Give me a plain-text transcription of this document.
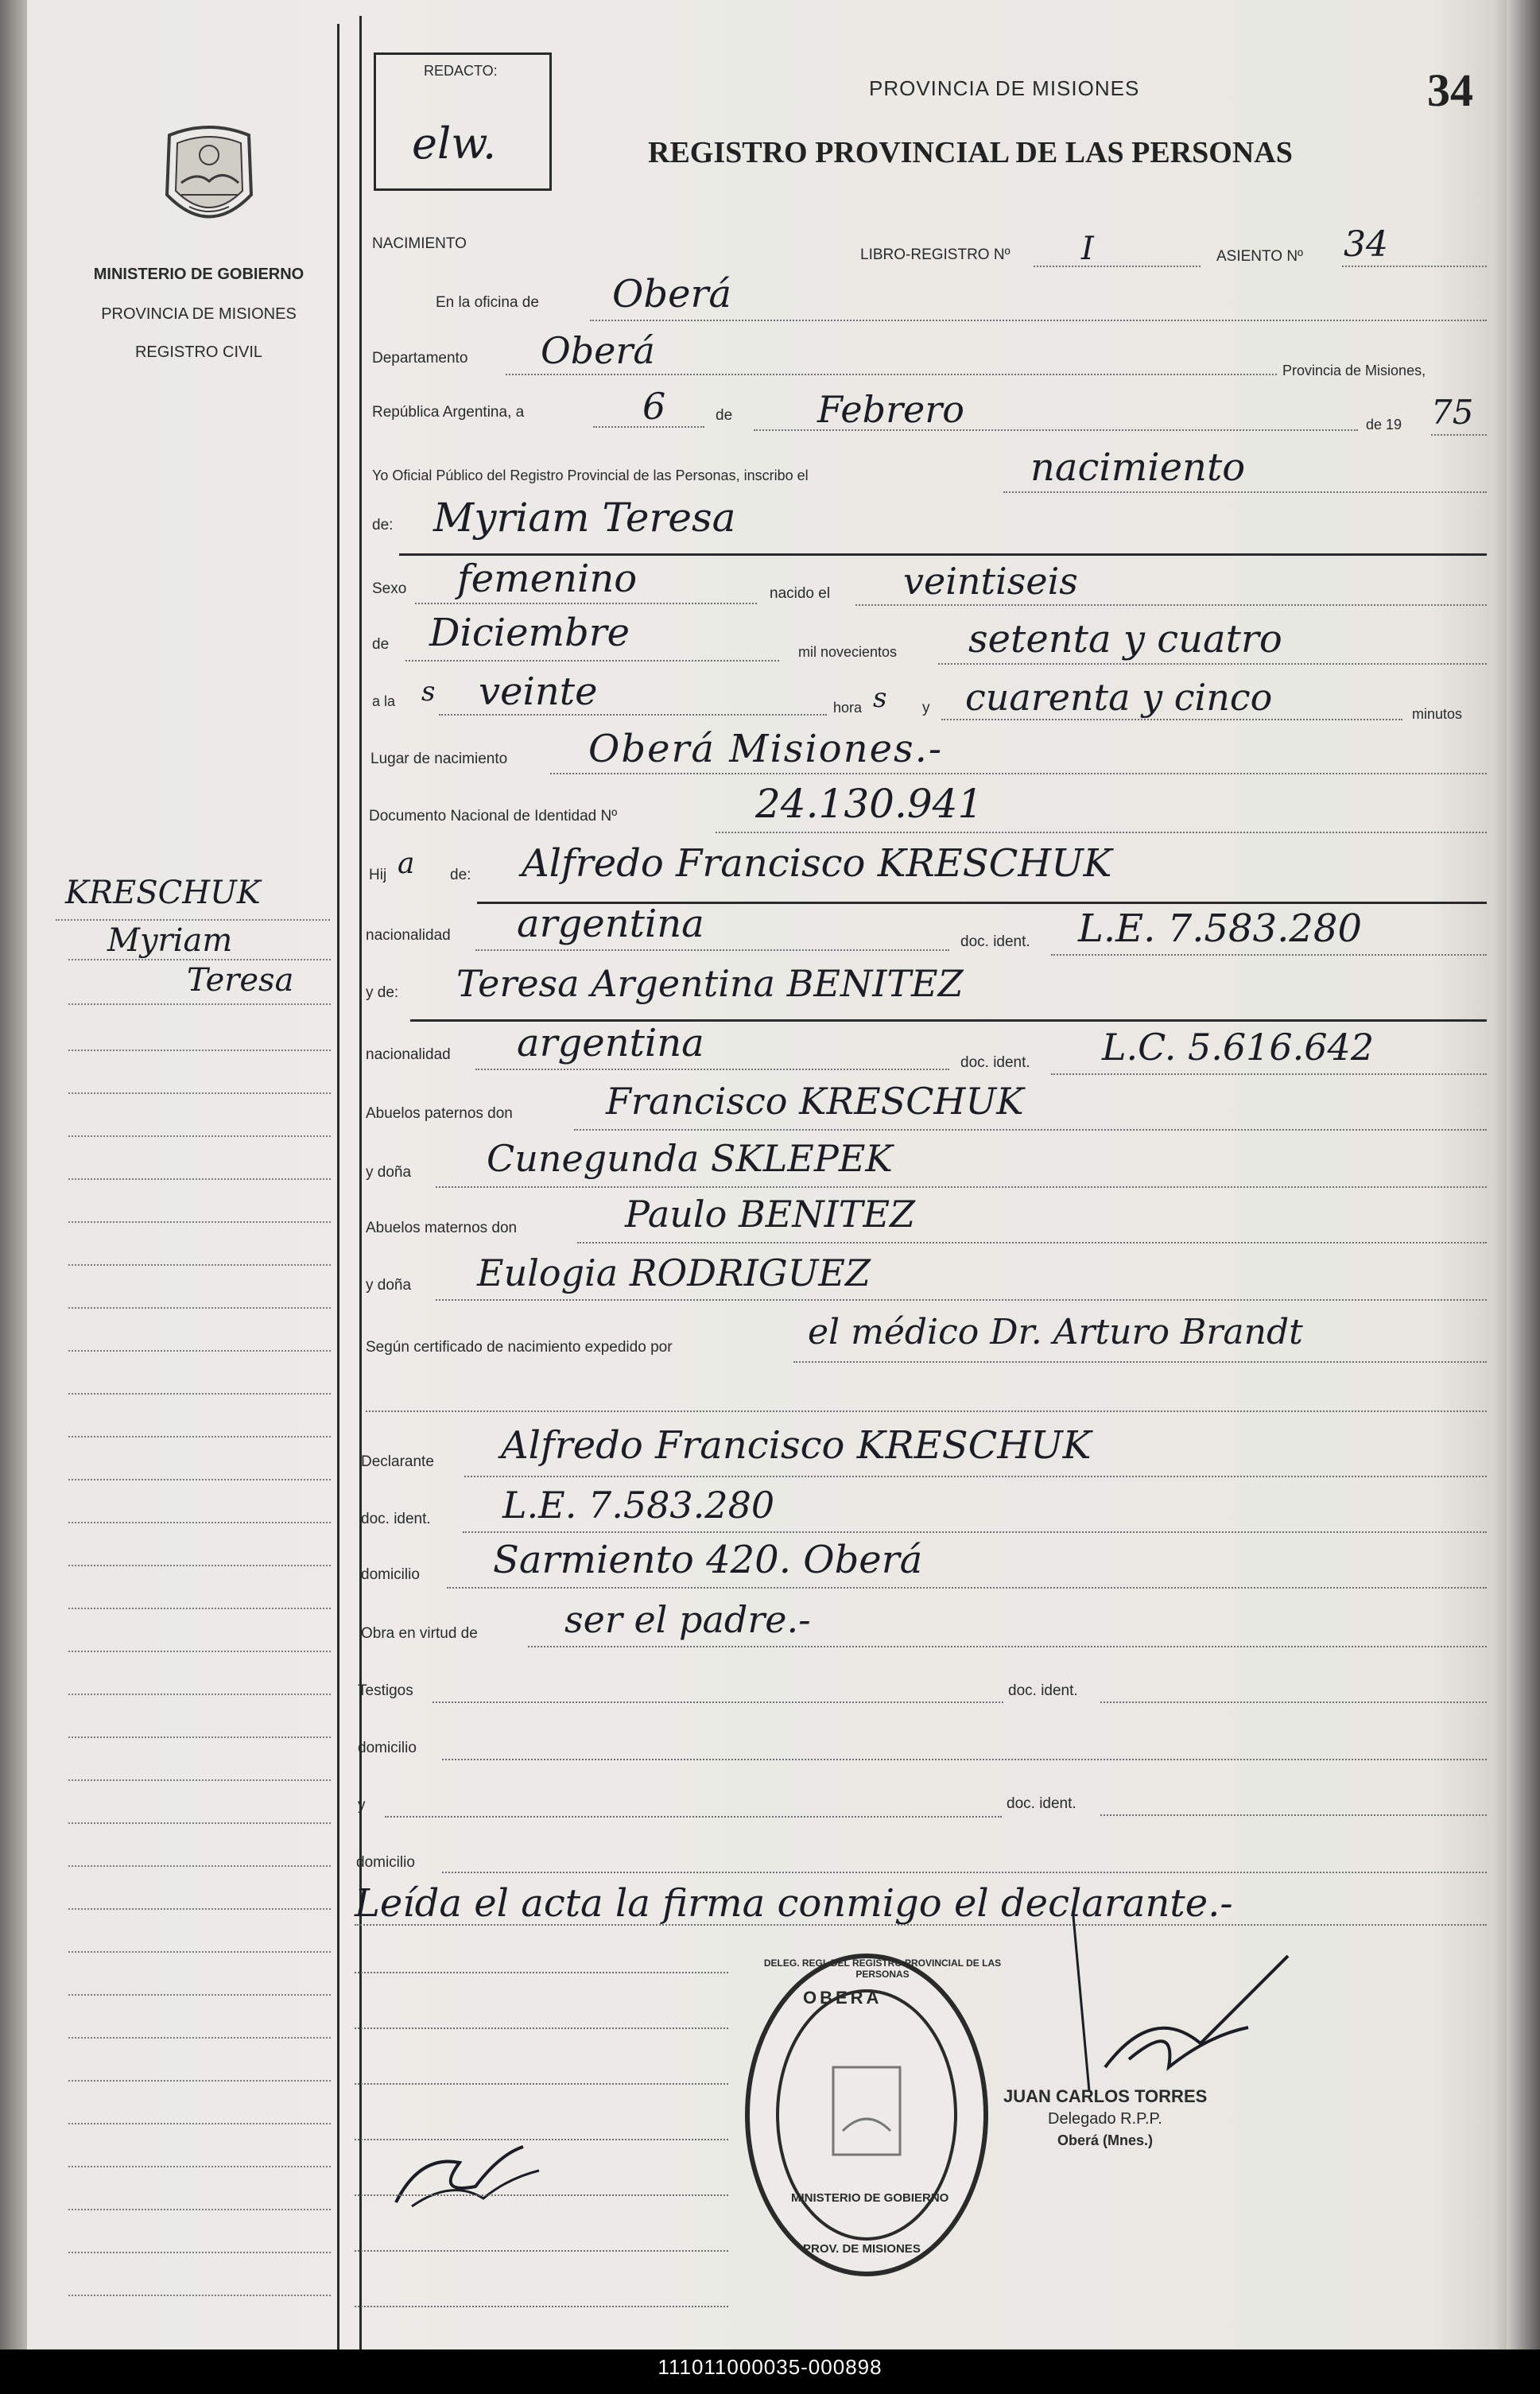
MINISTERIO DE GOBIERNO
PROVINCIA DE MISIONES
REGISTRO CIVIL
KRESCHUK
Myriam
Teresa
REDACTO:
elw.
PROVINCIA DE MISIONES
REGISTRO PROVINCIAL DE LAS PERSONAS
34
NACIMIENTO
LIBRO-REGISTRO Nº I	ASIENTO Nº 34
En la oficina de Oberá
Departamento Oberá	Provincia de Misiones,
República Argentina, a	6	de Febrero	de 19 75
Yo Oficial Público del Registro Provincial de las Personas, inscribo el	nacimiento
de: Myriam Teresa
Sexo femenino	nacido el veintiseis
de Diciembre	mil novecientos setenta y cuatro
a la s veinte	hora s y cuarenta y cinco	minutos
Lugar de nacimiento Oberá Misiones.-
Documento Nacional de Identidad Nº	24.130.941
Hij a de: Alfredo Francisco KRESCHUK
nacionalidad argentina	doc. ident. L.E. 7.583.280
y de: Teresa Argentina BENITEZ
nacionalidad argentina	doc. ident. L.C. 5.616.642
Abuelos paternos don	Francisco KRESCHUK
y doña Cunegunda SKLEPEK
Abuelos maternos don	Paulo BENITEZ
y doña Eulogia RODRIGUEZ
Según certificado de nacimiento expedido por	el médico Dr. Arturo Brandt
Declarante Alfredo Francisco KRESCHUK
doc. ident. L.E. 7.583.280
domicilio Sarmiento 420. Oberá
Obra en virtud de ser el padre.-
Testigos	doc. ident.
domicilio
y	doc. ident.
domicilio
Leída el acta la firma conmigo el declarante.-
OBERA
MINISTERIO DE GOBIERNO
PROV. DE MISIONES
DELEG. REGI. DEL REGISTRO PROVINCIAL DE LAS PERSONAS
JUAN CARLOS TORRES
Delegado R.P.P.
Oberá (Mnes.)
111011000035-000898
